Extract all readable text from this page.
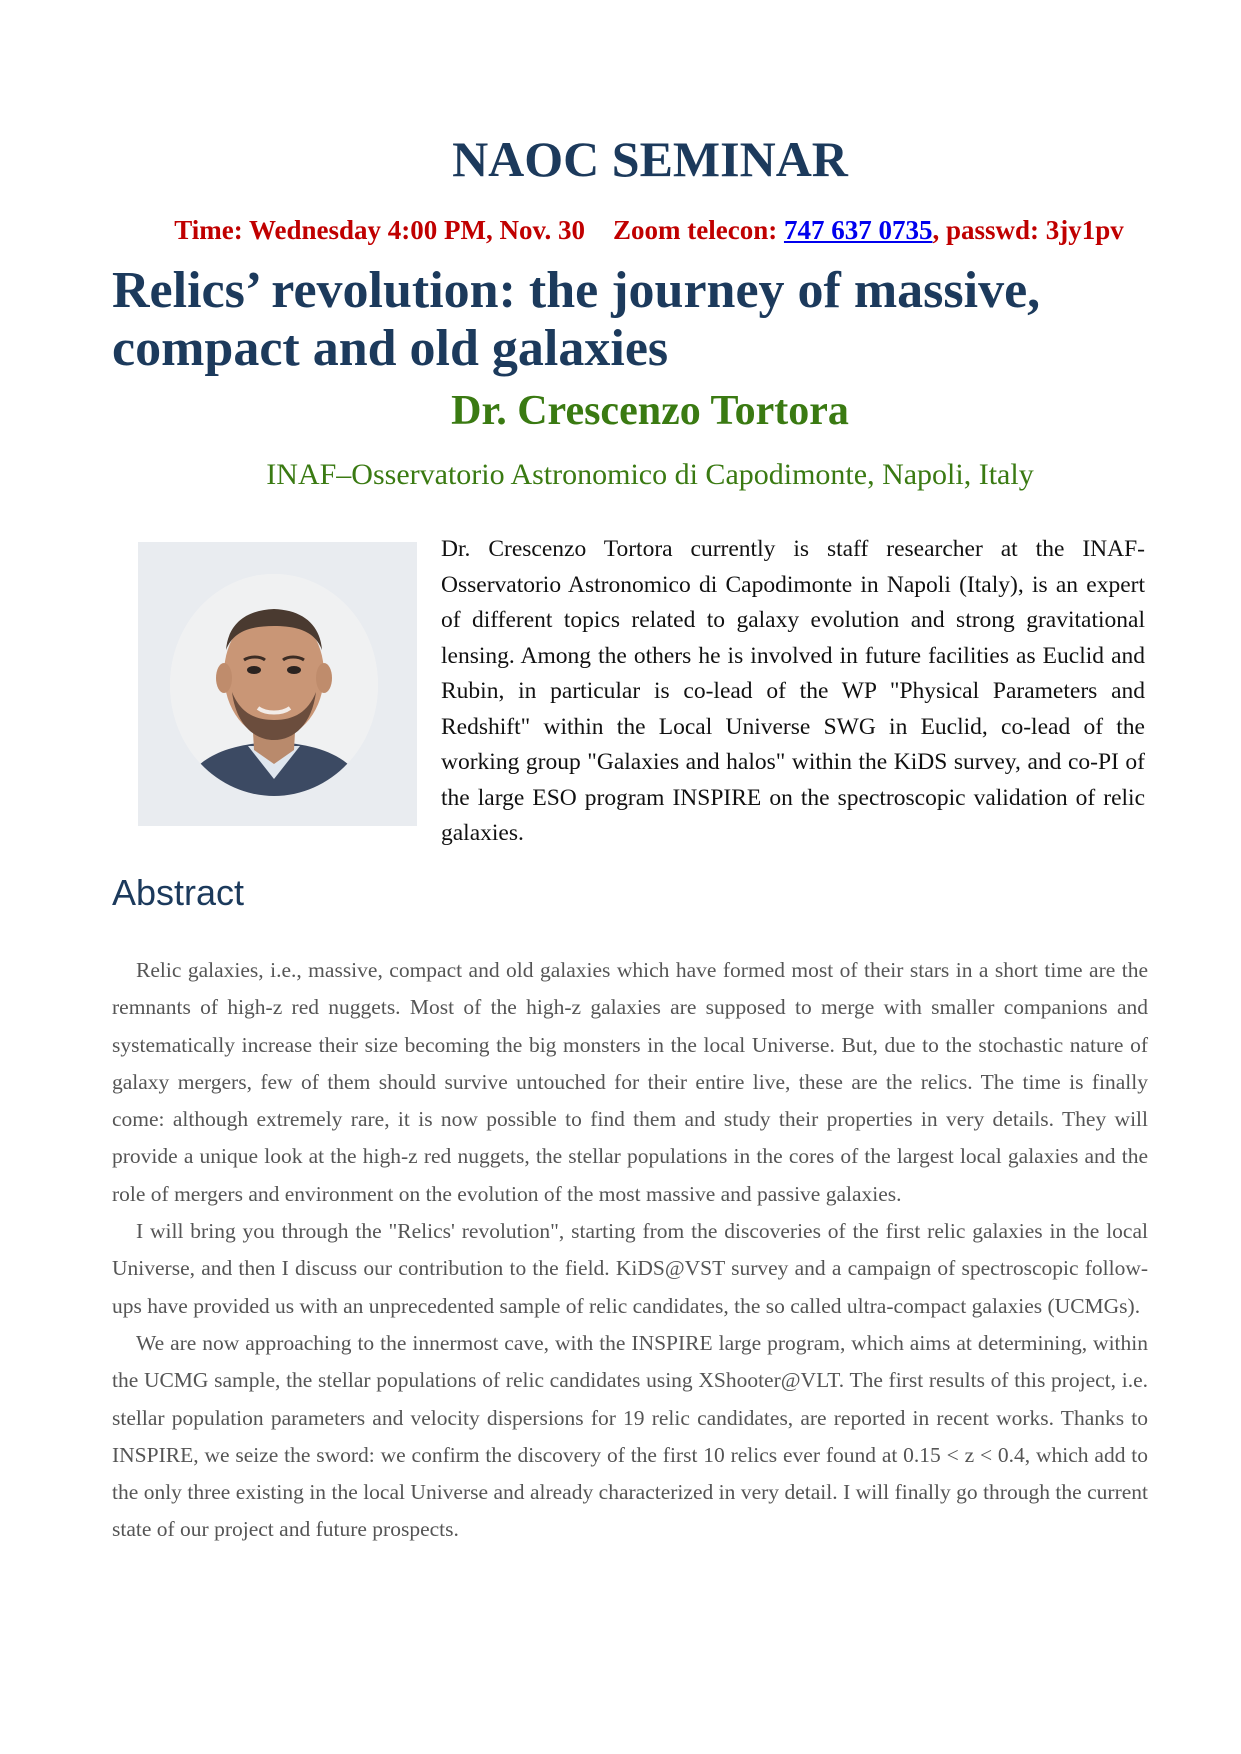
NAOC SEMINAR
Time: Wednesday 4:00 PM, Nov. 30 Zoom telecon: 747 637 0735, passwd: 3jy1pv
Relics’ revolution: the journey of massive, compact and old galaxies
Dr. Crescenzo Tortora
INAF–Osservatorio Astronomico di Capodimonte, Napoli, Italy

Dr. Crescenzo Tortora currently is staff researcher at the INAF-Osservatorio Astronomico di Capodimonte in Napoli (Italy), is an expert of different topics related to galaxy evolution and strong gravitational lensing. Among the others he is involved in future facilities as Euclid and Rubin, in particular is co-lead of the WP "Physical Parameters and Redshift" within the Local Universe SWG in Euclid, co-lead of the working group "Galaxies and halos" within the KiDS survey, and co-PI of the large ESO program INSPIRE on the spectroscopic validation of relic galaxies.

Abstract

Relic galaxies, i.e., massive, compact and old galaxies which have formed most of their stars in a short time are the remnants of high-z red nuggets. Most of the high-z galaxies are supposed to merge with smaller companions and systematically increase their size becoming the big monsters in the local Universe. But, due to the stochastic nature of galaxy mergers, few of them should survive untouched for their entire live, these are the relics. The time is finally come: although extremely rare, it is now possible to find them and study their properties in very details. They will provide a unique look at the high-z red nuggets, the stellar populations in the cores of the largest local galaxies and the role of mergers and environment on the evolution of the most massive and passive galaxies.

I will bring you through the "Relics' revolution", starting from the discoveries of the first relic galaxies in the local Universe, and then I discuss our contribution to the field. KiDS@VST survey and a campaign of spectroscopic follow-ups have provided us with an unprecedented sample of relic candidates, the so called ultra-compact galaxies (UCMGs).

We are now approaching to the innermost cave, with the INSPIRE large program, which aims at determining, within the UCMG sample, the stellar populations of relic candidates using XShooter@VLT. The first results of this project, i.e. stellar population parameters and velocity dispersions for 19 relic candidates, are reported in recent works. Thanks to INSPIRE, we seize the sword: we confirm the discovery of the first 10 relics ever found at 0.15 < z < 0.4, which add to the only three existing in the local Universe and already characterized in very detail. I will finally go through the current state of our project and future prospects.
